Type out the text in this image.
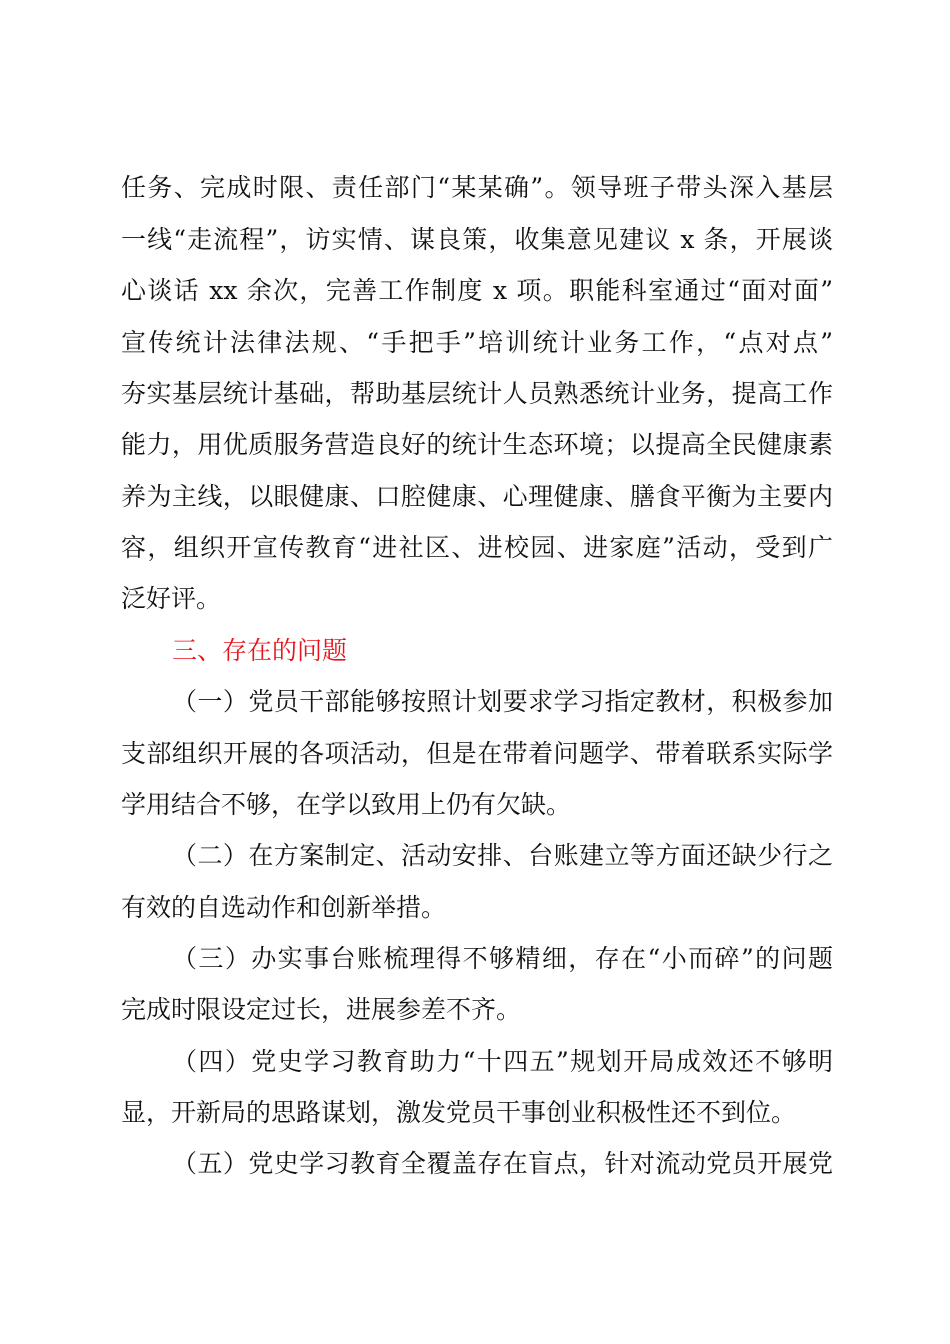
任务、完成时限、责任部门“某某确”。领导班子带头深入基层
一线“走流程”，访实情、谋良策，收集意见建议 x 条，开展谈
心谈话 xx 余次，完善工作制度 x 项。职能科室通过“面对面”
宣传统计法律法规、“手把手”培训统计业务工作，“点对点”
夯实基层统计基础，帮助基层统计人员熟悉统计业务，提高工作
能力，用优质服务营造良好的统计生态环境；以提高全民健康素
养为主线，以眼健康、口腔健康、心理健康、膳食平衡为主要内
容，组织开宣传教育“进社区、进校园、进家庭”活动，受到广
泛好评。
三、存在的问题
（一）党员干部能够按照计划要求学习指定教材，积极参加
支部组织开展的各项活动，但是在带着问题学、带着联系实际学
学用结合不够，在学以致用上仍有欠缺。
（二）在方案制定、活动安排、台账建立等方面还缺少行之
有效的自选动作和创新举措。
（三）办实事台账梳理得不够精细，存在“小而碎”的问题
完成时限设定过长，进展参差不齐。
（四）党史学习教育助力“十四五”规划开局成效还不够明
显，开新局的思路谋划，激发党员干事创业积极性还不到位。
（五）党史学习教育全覆盖存在盲点，针对流动党员开展党
